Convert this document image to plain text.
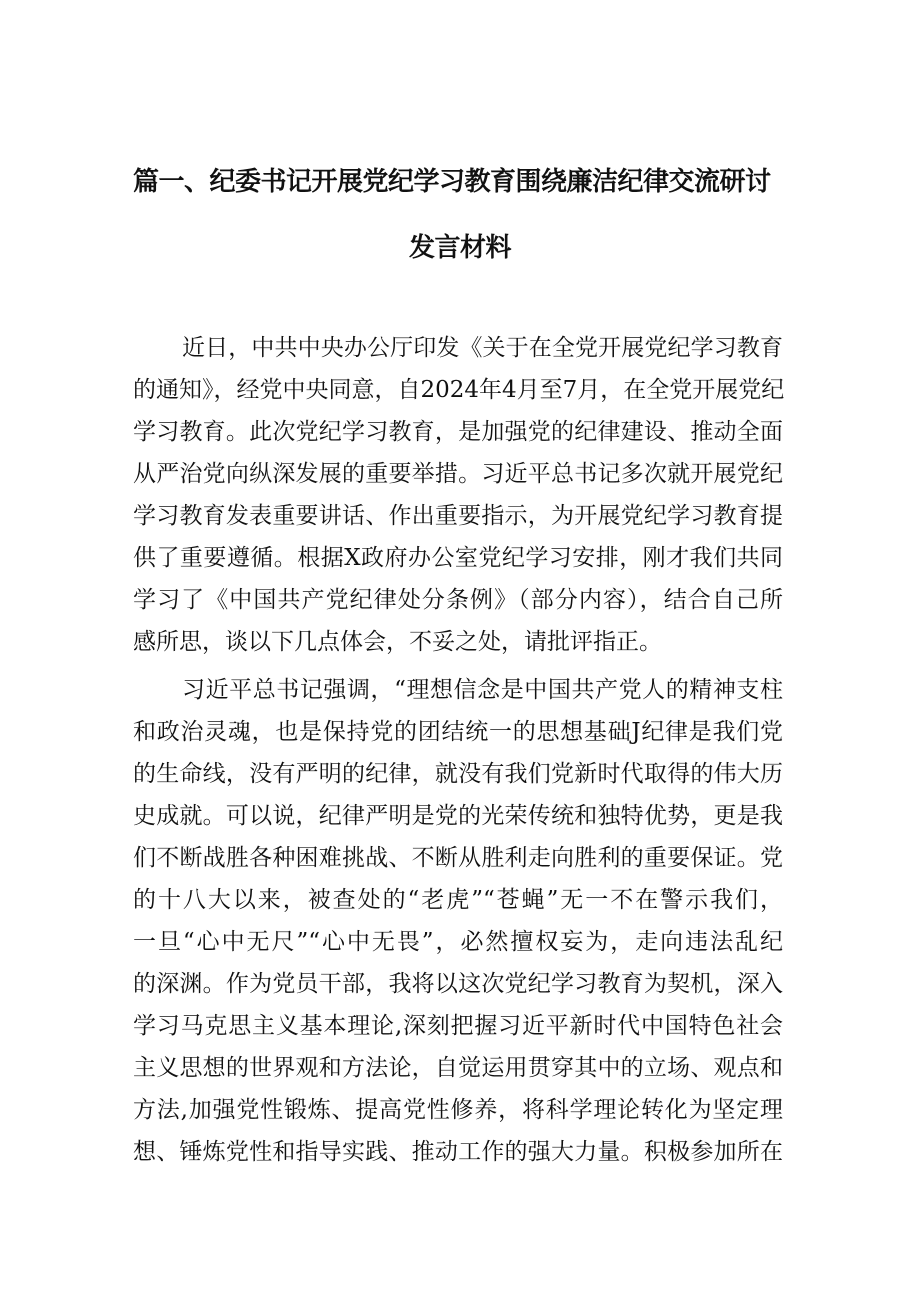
篇一、纪委书记开展党纪学习教育围绕廉洁纪律交流研讨
发言材料
近日，中共中央办公厅印发《关于在全党开展党纪学习教育
的通知》，经党中央同意，自2024年4月至7月，在全党开展党纪
学习教育。此次党纪学习教育，是加强党的纪律建设、推动全面
从严治党向纵深发展的重要举措。习近平总书记多次就开展党纪
学习教育发表重要讲话、作出重要指示，为开展党纪学习教育提
供了重要遵循。根据X政府办公室党纪学习安排，刚才我们共同
学习了《中国共产党纪律处分条例》（部分内容），结合自己所
感所思，谈以下几点体会，不妥之处，请批评指正。
习近平总书记强调，“理想信念是中国共产党人的精神支柱
和政治灵魂，也是保持党的团结统一的思想基础J纪律是我们党
的生命线，没有严明的纪律，就没有我们党新时代取得的伟大历
史成就。可以说，纪律严明是党的光荣传统和独特优势，更是我
们不断战胜各种困难挑战、不断从胜利走向胜利的重要保证。党
的十八大以来，被查处的“老虎”“苍蝇”无一不在警示我们，
一旦“心中无尺”“心中无畏”，必然擅权妄为，走向违法乱纪
的深渊。作为党员干部，我将以这次党纪学习教育为契机，深入
学习马克思主义基本理论,深刻把握习近平新时代中国特色社会
主义思想的世界观和方法论，自觉运用贯穿其中的立场、观点和
方法,加强党性锻炼、提高党性修养，将科学理论转化为坚定理
想、锤炼党性和指导实践、推动工作的强大力量。积极参加所在
